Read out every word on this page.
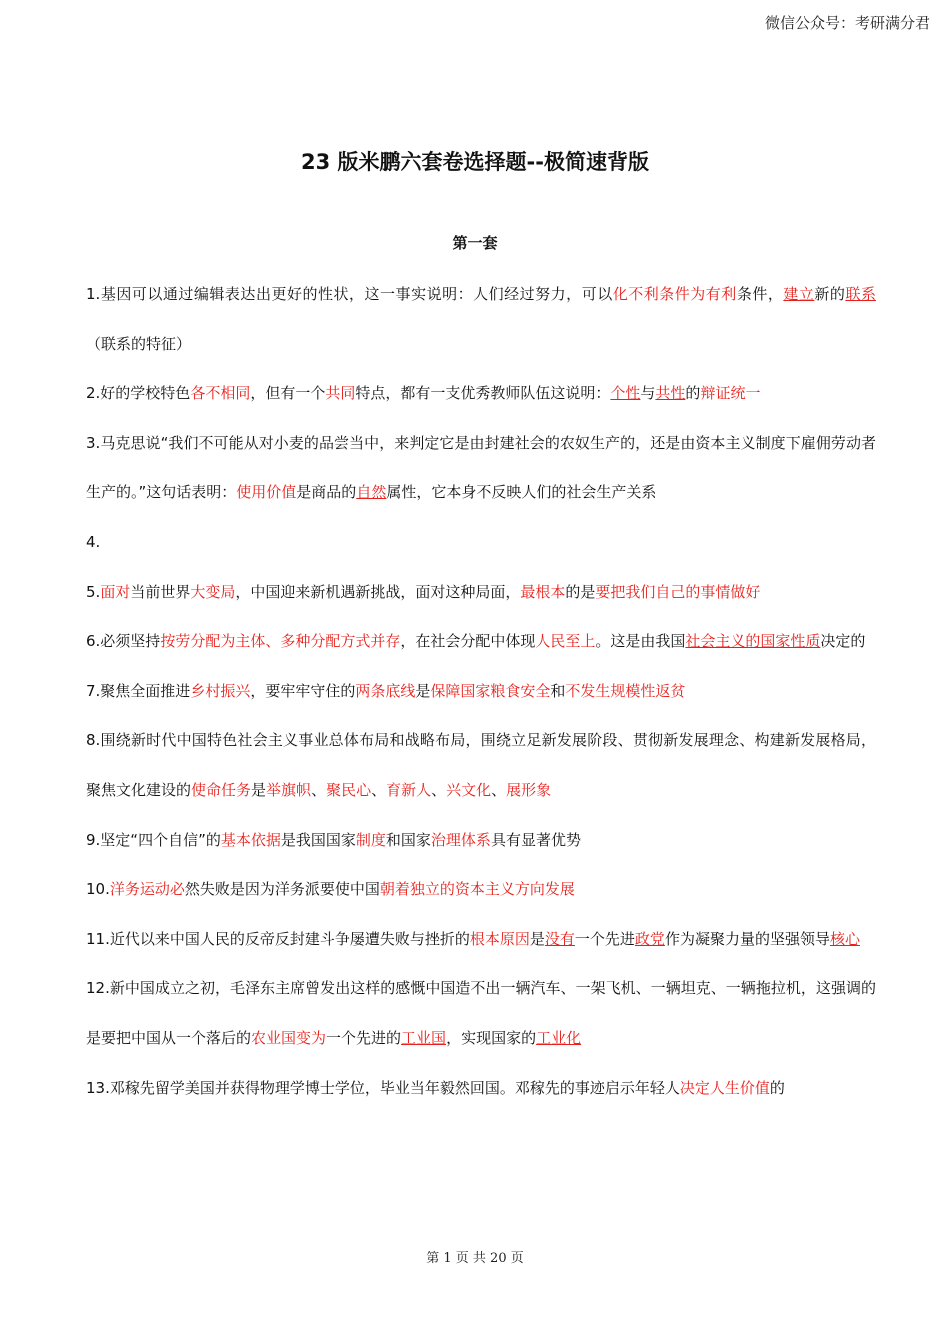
微信公众号：考研满分君
23 版米鹏六套卷选择题--极简速背版
第一套

1.基因可以通过编辑表达出更好的性状，这一事实说明：人们经过努力，可以化不利条件为有利条件，建立新的联系（联系的特征）

2.好的学校特色各不相同，但有一个共同特点，都有一支优秀教师队伍这说明：个性与共性的辩证统一

3.马克思说“我们不可能从对小麦的品尝当中，来判定它是由封建社会的农奴生产的，还是由资本主义制度下雇佣劳动者生产的。”这句话表明：使用价值是商品的自然属性，它本身不反映人们的社会生产关系

4.

5.面对当前世界大变局，中国迎来新机遇新挑战，面对这种局面，最根本的是要把我们自己的事情做好

6.必须坚持按劳分配为主体、多种分配方式并存，在社会分配中体现人民至上。这是由我国社会主义的国家性质决定的

7.聚焦全面推进乡村振兴，要牢牢守住的两条底线是保障国家粮食安全和不发生规模性返贫

8.围绕新时代中国特色社会主义事业总体布局和战略布局，围绕立足新发展阶段、贯彻新发展理念、构建新发展格局，聚焦文化建设的使命任务是举旗帜、聚民心、育新人、兴文化、展形象

9.坚定“四个自信”的基本依据是我国国家制度和国家治理体系具有显著优势

10.洋务运动必然失败是因为洋务派要使中国朝着独立的资本主义方向发展

11.近代以来中国人民的反帝反封建斗争屡遭失败与挫折的根本原因是没有一个先进政党作为凝聚力量的坚强领导核心

12.新中国成立之初，毛泽东主席曾发出这样的感慨中国造不出一辆汽车、一架飞机、一辆坦克、一辆拖拉机，这强调的是要把中国从一个落后的农业国变为一个先进的工业国，实现国家的工业化

13.邓稼先留学美国并获得物理学博士学位，毕业当年毅然回国。邓稼先的事迹启示年轻人决定人生价值的

第 1 页 共 20 页
